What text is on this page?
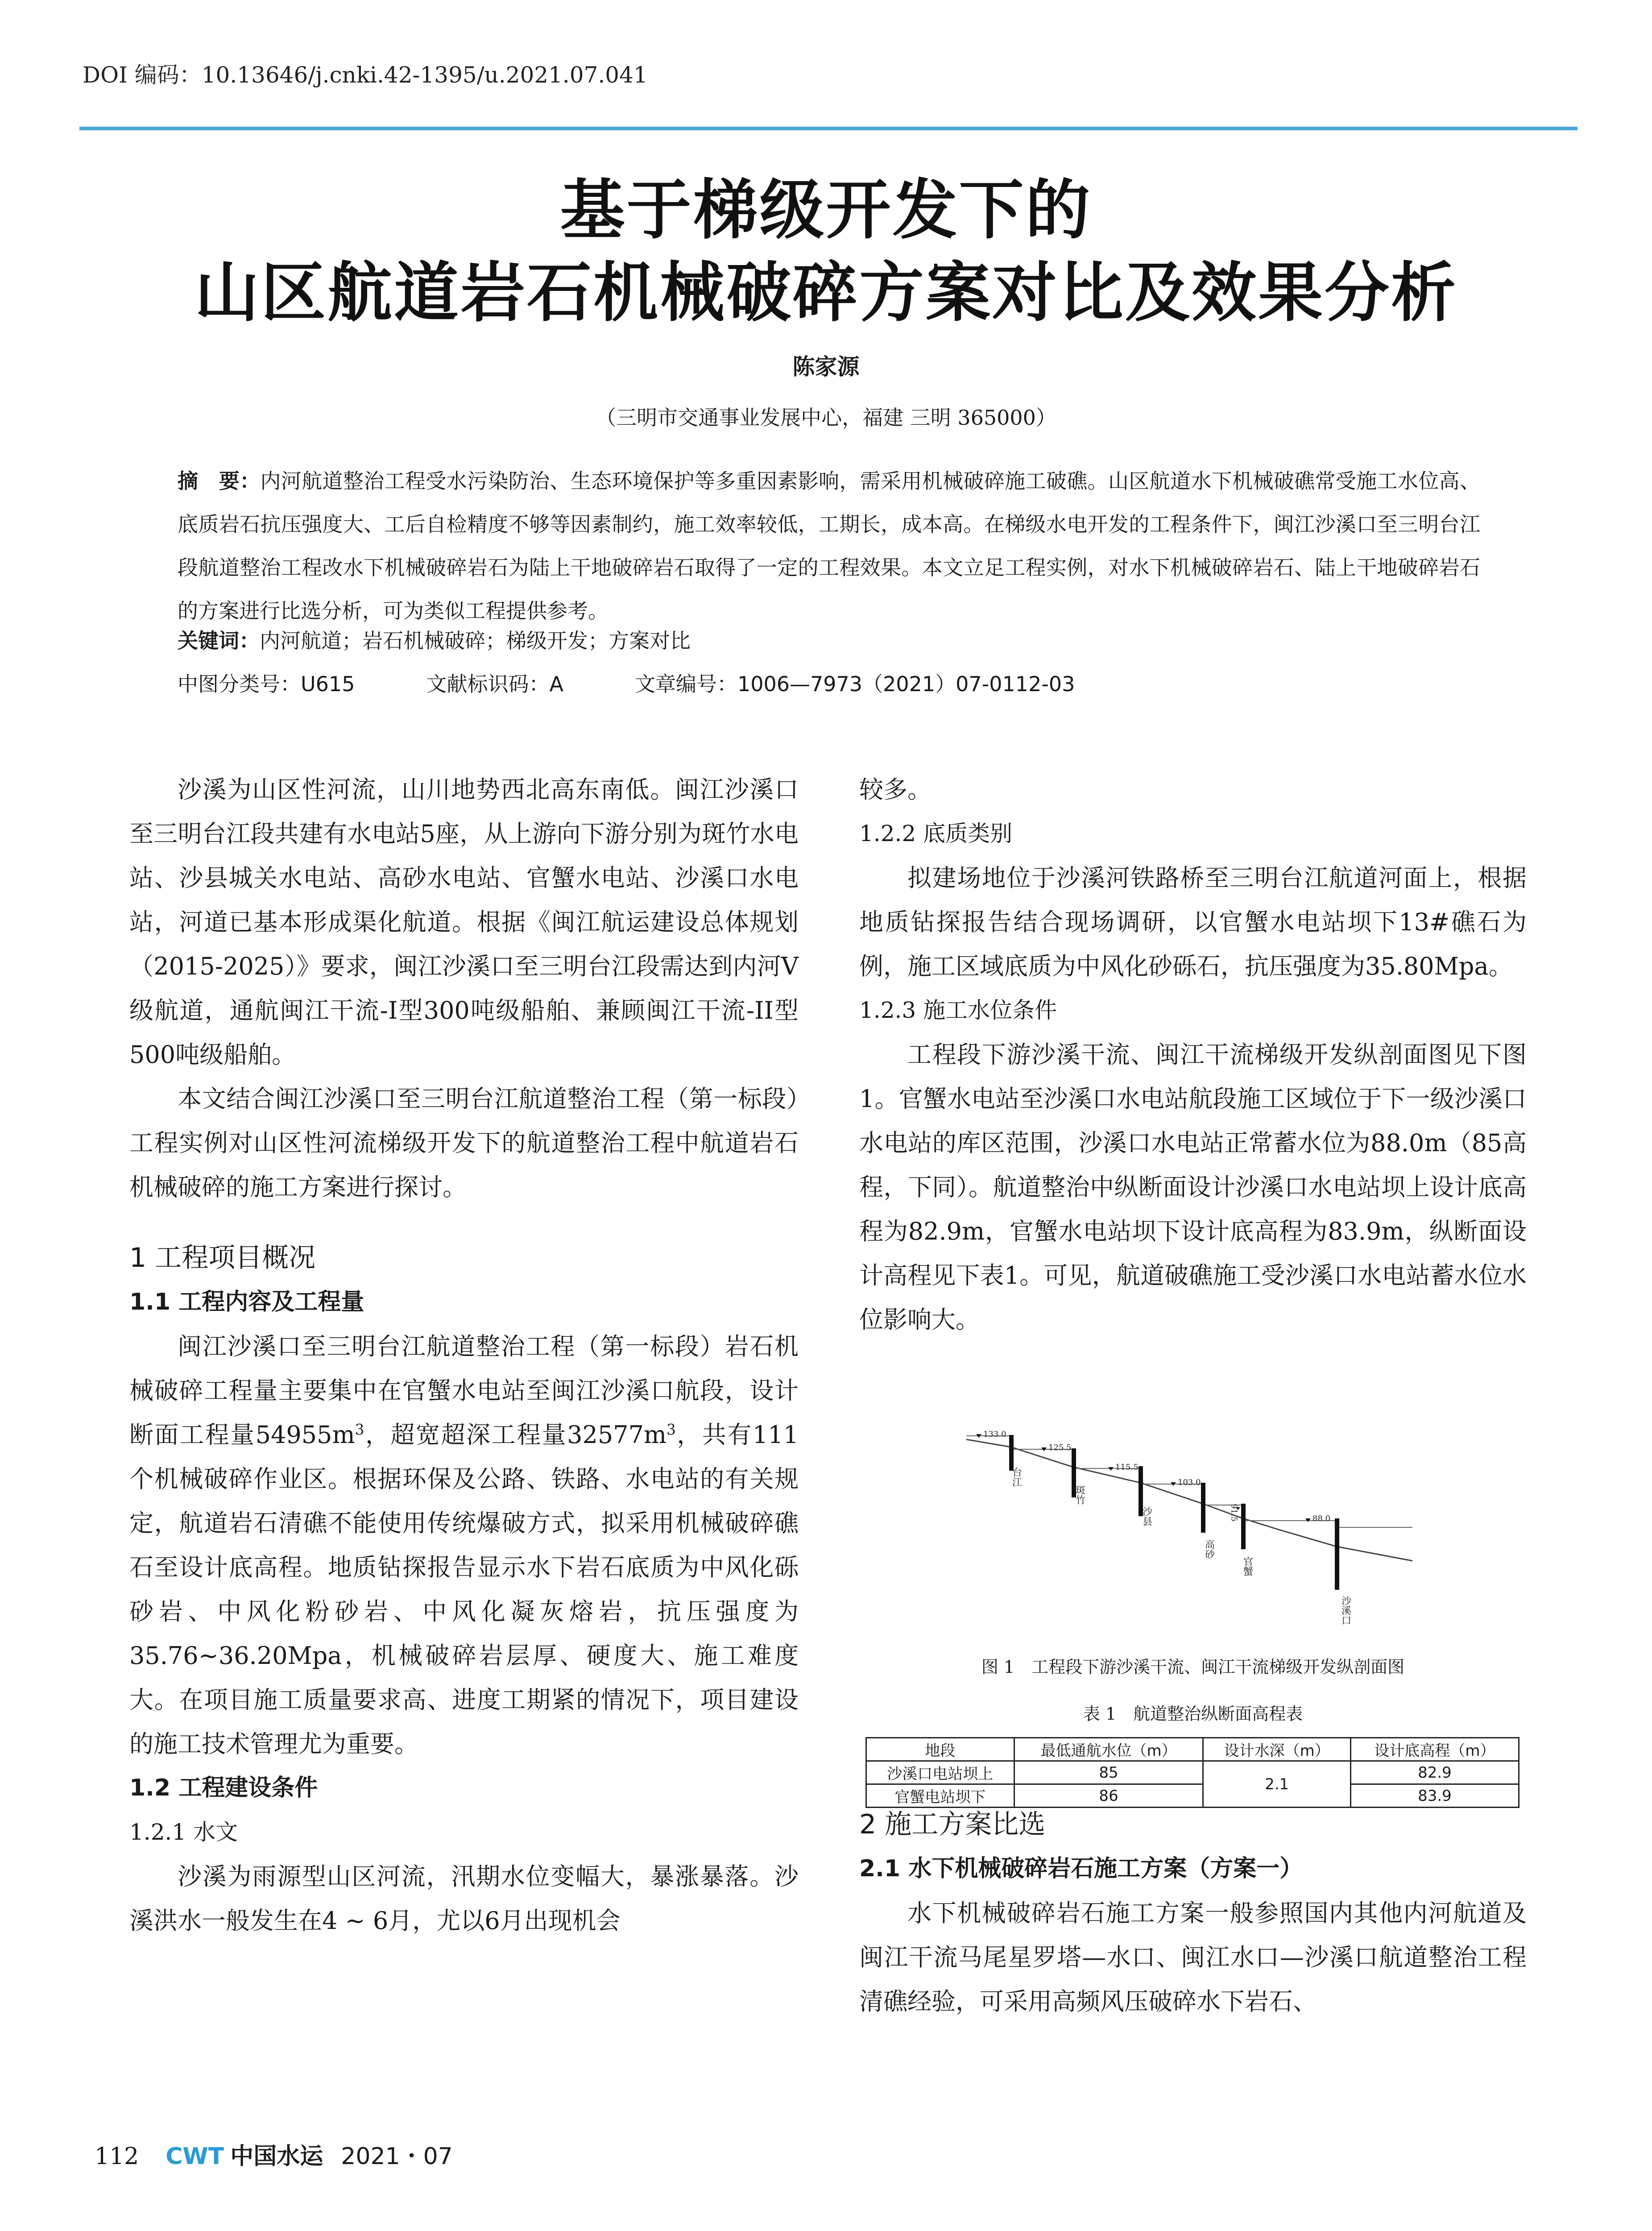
DOI 编码：10.13646/j.cnki.42-1395/u.2021.07.041
基于梯级开发下的
山区航道岩石机械破碎方案对比及效果分析
陈家源
（三明市交通事业发展中心，福建 三明 365000）
摘　要：内河航道整治工程受水污染防治、生态环境保护等多重因素影响，需采用机械破碎施工破礁。山区航道水下机械破礁常受施工水位高、底质岩石抗压强度大、工后自检精度不够等因素制约，施工效率较低，工期长，成本高。在梯级水电开发的工程条件下，闽江沙溪口至三明台江段航道整治工程改水下机械破碎岩石为陆上干地破碎岩石取得了一定的工程效果。本文立足工程实例，对水下机械破碎岩石、陆上干地破碎岩石的方案进行比选分析，可为类似工程提供参考。
关键词：内河航道；岩石机械破碎；梯级开发；方案对比
中图分类号：U615	文献标识码：A	文章编号：1006—7973（2021）07-0112-03

沙溪为山区性河流，山川地势西北高东南低。闽江沙溪口至三明台江段共建有水电站5座，从上游向下游分别为斑竹水电站、沙县城关水电站、高砂水电站、官蟹水电站、沙溪口水电站，河道已基本形成渠化航道。根据《闽江航运建设总体规划（2015-2025）》要求，闽江沙溪口至三明台江段需达到内河Ⅴ级航道，通航闽江干流-I型300吨级船舶、兼顾闽江干流-II型500吨级船舶。

本文结合闽江沙溪口至三明台江航道整治工程（第一标段）工程实例对山区性河流梯级开发下的航道整治工程中航道岩石机械破碎的施工方案进行探讨。

1 工程项目概况

1.1 工程内容及工程量

闽江沙溪口至三明台江航道整治工程（第一标段）岩石机械破碎工程量主要集中在官蟹水电站至闽江沙溪口航段，设计断面工程量$54955m^3$，超宽超深工程量$32577m^3$，共有111个机械破碎作业区。根据环保及公路、铁路、水电站的有关规定，航道岩石清礁不能使用传统爆破方式，拟采用机械破碎礁石至设计底高程。地质钻探报告显示水下岩石底质为中风化砾砂岩、中风化粉砂岩、中风化凝灰熔岩，抗压强度为35.76~36.20Mpa，机械破碎岩层厚、硬度大、施工难度大。在项目施工质量要求高、进度工期紧的情况下，项目建设的施工技术管理尤为重要。

1.2 工程建设条件

1.2.1 水文

沙溪为雨源型山区河流，汛期水位变幅大，暴涨暴落。沙溪洪水一般发生在4 ~ 6月，尤以6月出现机会

较多。

1.2.2 底质类别

拟建场地位于沙溪河铁路桥至三明台江航道河面上，根据地质钻探报告结合现场调研，以官蟹水电站坝下13#礁石为例，施工区域底质为中风化砂砾石，抗压强度为35.80Mpa。

1.2.3 施工水位条件

工程段下游沙溪干流、闽江干流梯级开发纵剖面图见下图1。官蟹水电站至沙溪口水电站航段施工区域位于下一级沙溪口水电站的库区范围，沙溪口水电站正常蓄水位为88.0m（85高程，下同）。航道整治中纵断面设计沙溪口水电站坝上设计底高程为82.9m，官蟹水电站坝下设计底高程为83.9m，纵断面设计高程见下表1。可见，航道破礁施工受沙溪口水电站蓄水位水位影响大。

2 施工方案比选

2.1 水下机械破碎岩石施工方案（方案一）

水下机械破碎岩石施工方案一般参照国内其他内河航道及闽江干流马尾星罗塔—水口、闽江水口—沙溪口航道整治工程清礁经验，可采用高频风压破碎水下岩石、

133.0
台江
125.5
斑竹
115.5
沙县
103.0
高砂
91.5
官蟹
88.0
沙溪口
图 1　工程段下游沙溪干流、闽江干流梯级开发纵剖面图
表 1　航道整治纵断面高程表
地段	最低通航水位（m）	设计水深（m）	设计底高程（m）
沙溪口电站坝上	85	2.1	82.9
官蟹电站坝下	86		83.9
112 CWT 中国水运 2021・07
